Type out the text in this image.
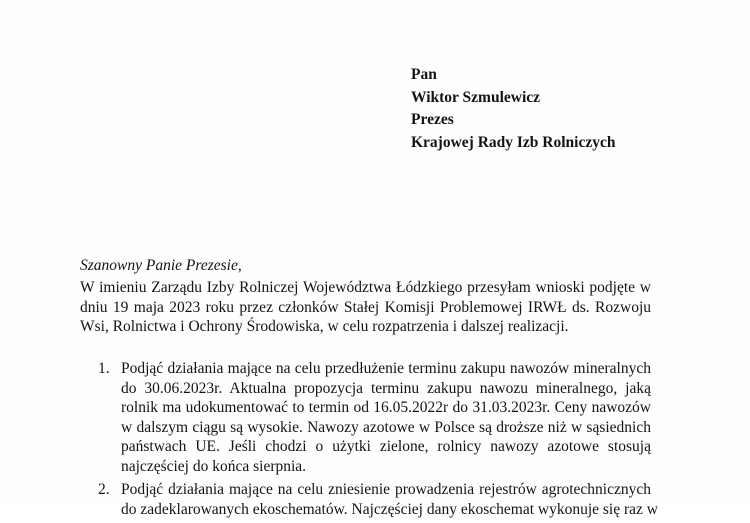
Pan
Wiktor Szmulewicz
Prezes
Krajowej Rady Izb Rolniczych
Szanowny Panie Prezesie,
W imieniu Zarządu Izby Rolniczej Województwa Łódzkiego przesyłam wnioski podjęte w
dniu 19 maja 2023 roku przez członków Stałej Komisji Problemowej IRWŁ ds. Rozwoju
Wsi, Rolnictwa i Ochrony Środowiska, w celu rozpatrzenia i dalszej realizacji.
1. Podjąć działania mające na celu przedłużenie terminu zakupu nawozów mineralnych
do 30.06.2023r. Aktualna propozycja terminu zakupu nawozu mineralnego, jaką
rolnik ma udokumentować to termin od 16.05.2022r do 31.03.2023r. Ceny nawozów
w dalszym ciągu są wysokie. Nawozy azotowe w Polsce są droższe niż w sąsiednich
państwach UE. Jeśli chodzi o użytki zielone, rolnicy nawozy azotowe stosują
najczęściej do końca sierpnia.
2. Podjąć działania mające na celu zniesienie prowadzenia rejestrów agrotechnicznych
do zadeklarowanych ekoschematów. Najczęściej dany ekoschemat wykonuje się raz w
